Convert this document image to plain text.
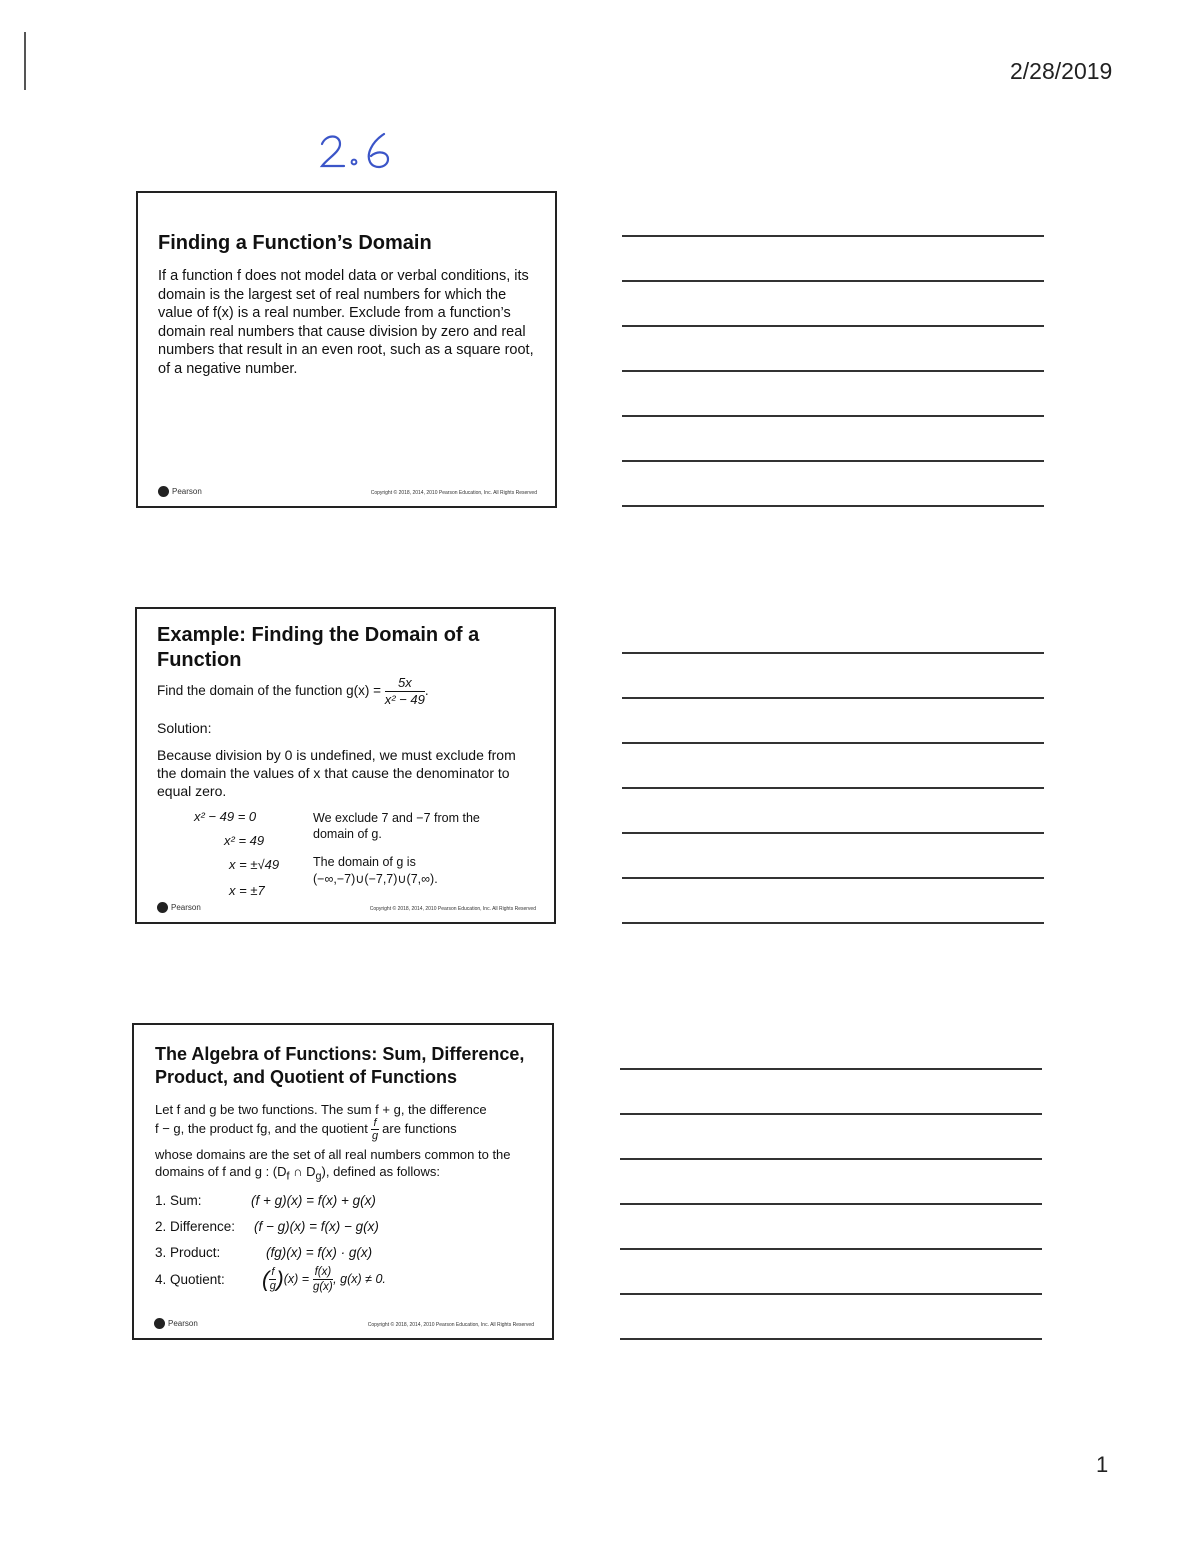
2/28/2019
Finding a Function’s Domain

If a function f does not model data or verbal conditions, its domain is the largest set of real numbers for which the value of f(x) is a real number. Exclude from a function’s domain real numbers that cause division by zero and real numbers that result in an even root, such as a square root, of a negative number.

Pearson	Copyright © 2018, 2014, 2010 Pearson Education, Inc. All Rights Reserved
Example: Finding the Domain of a Function
Find the domain of the function $g(x) = \frac{5x}{\text{x² − 49}}$ .

Solution:

Because division by 0 is undefined, we must exclude from the domain the values of x that cause the denominator to equal zero.

x² − 49 = 0
x² = 49
x = ±√49
x = ±7
We exclude 7 and −7 from the domain of g.
The domain of g is
(−∞,−7)∪(−7,7)∪(7,∞).
Pearson	Copyright © 2018, 2014, 2010 Pearson Education, Inc. All Rights Reserved
The Algebra of Functions: Sum, Difference, Product, and Quotient of Functions
Let f and g be two functions. The sum f + g, the difference
f − g, the product fg, and the quotient $\frac{f}{g}$ are functions
whose domains are the set of all real numbers common to the domains of f and g : ($D_f$ ∩ $D_g$), defined as follows:
1. Sum:	(f + g)(x) = f(x) + g(x)
2. Difference: (f − g)(x) = f(x) − g(x)
3. Product:	(fg)(x) = f(x) · g(x)
4. Quotient: ( $\frac{f}{g} )(x) = \frac{f(x)}{g(x)}$ , g(x) ≠ 0.
Pearson	Copyright © 2018, 2014, 2010 Pearson Education, Inc. All Rights Reserved
1
